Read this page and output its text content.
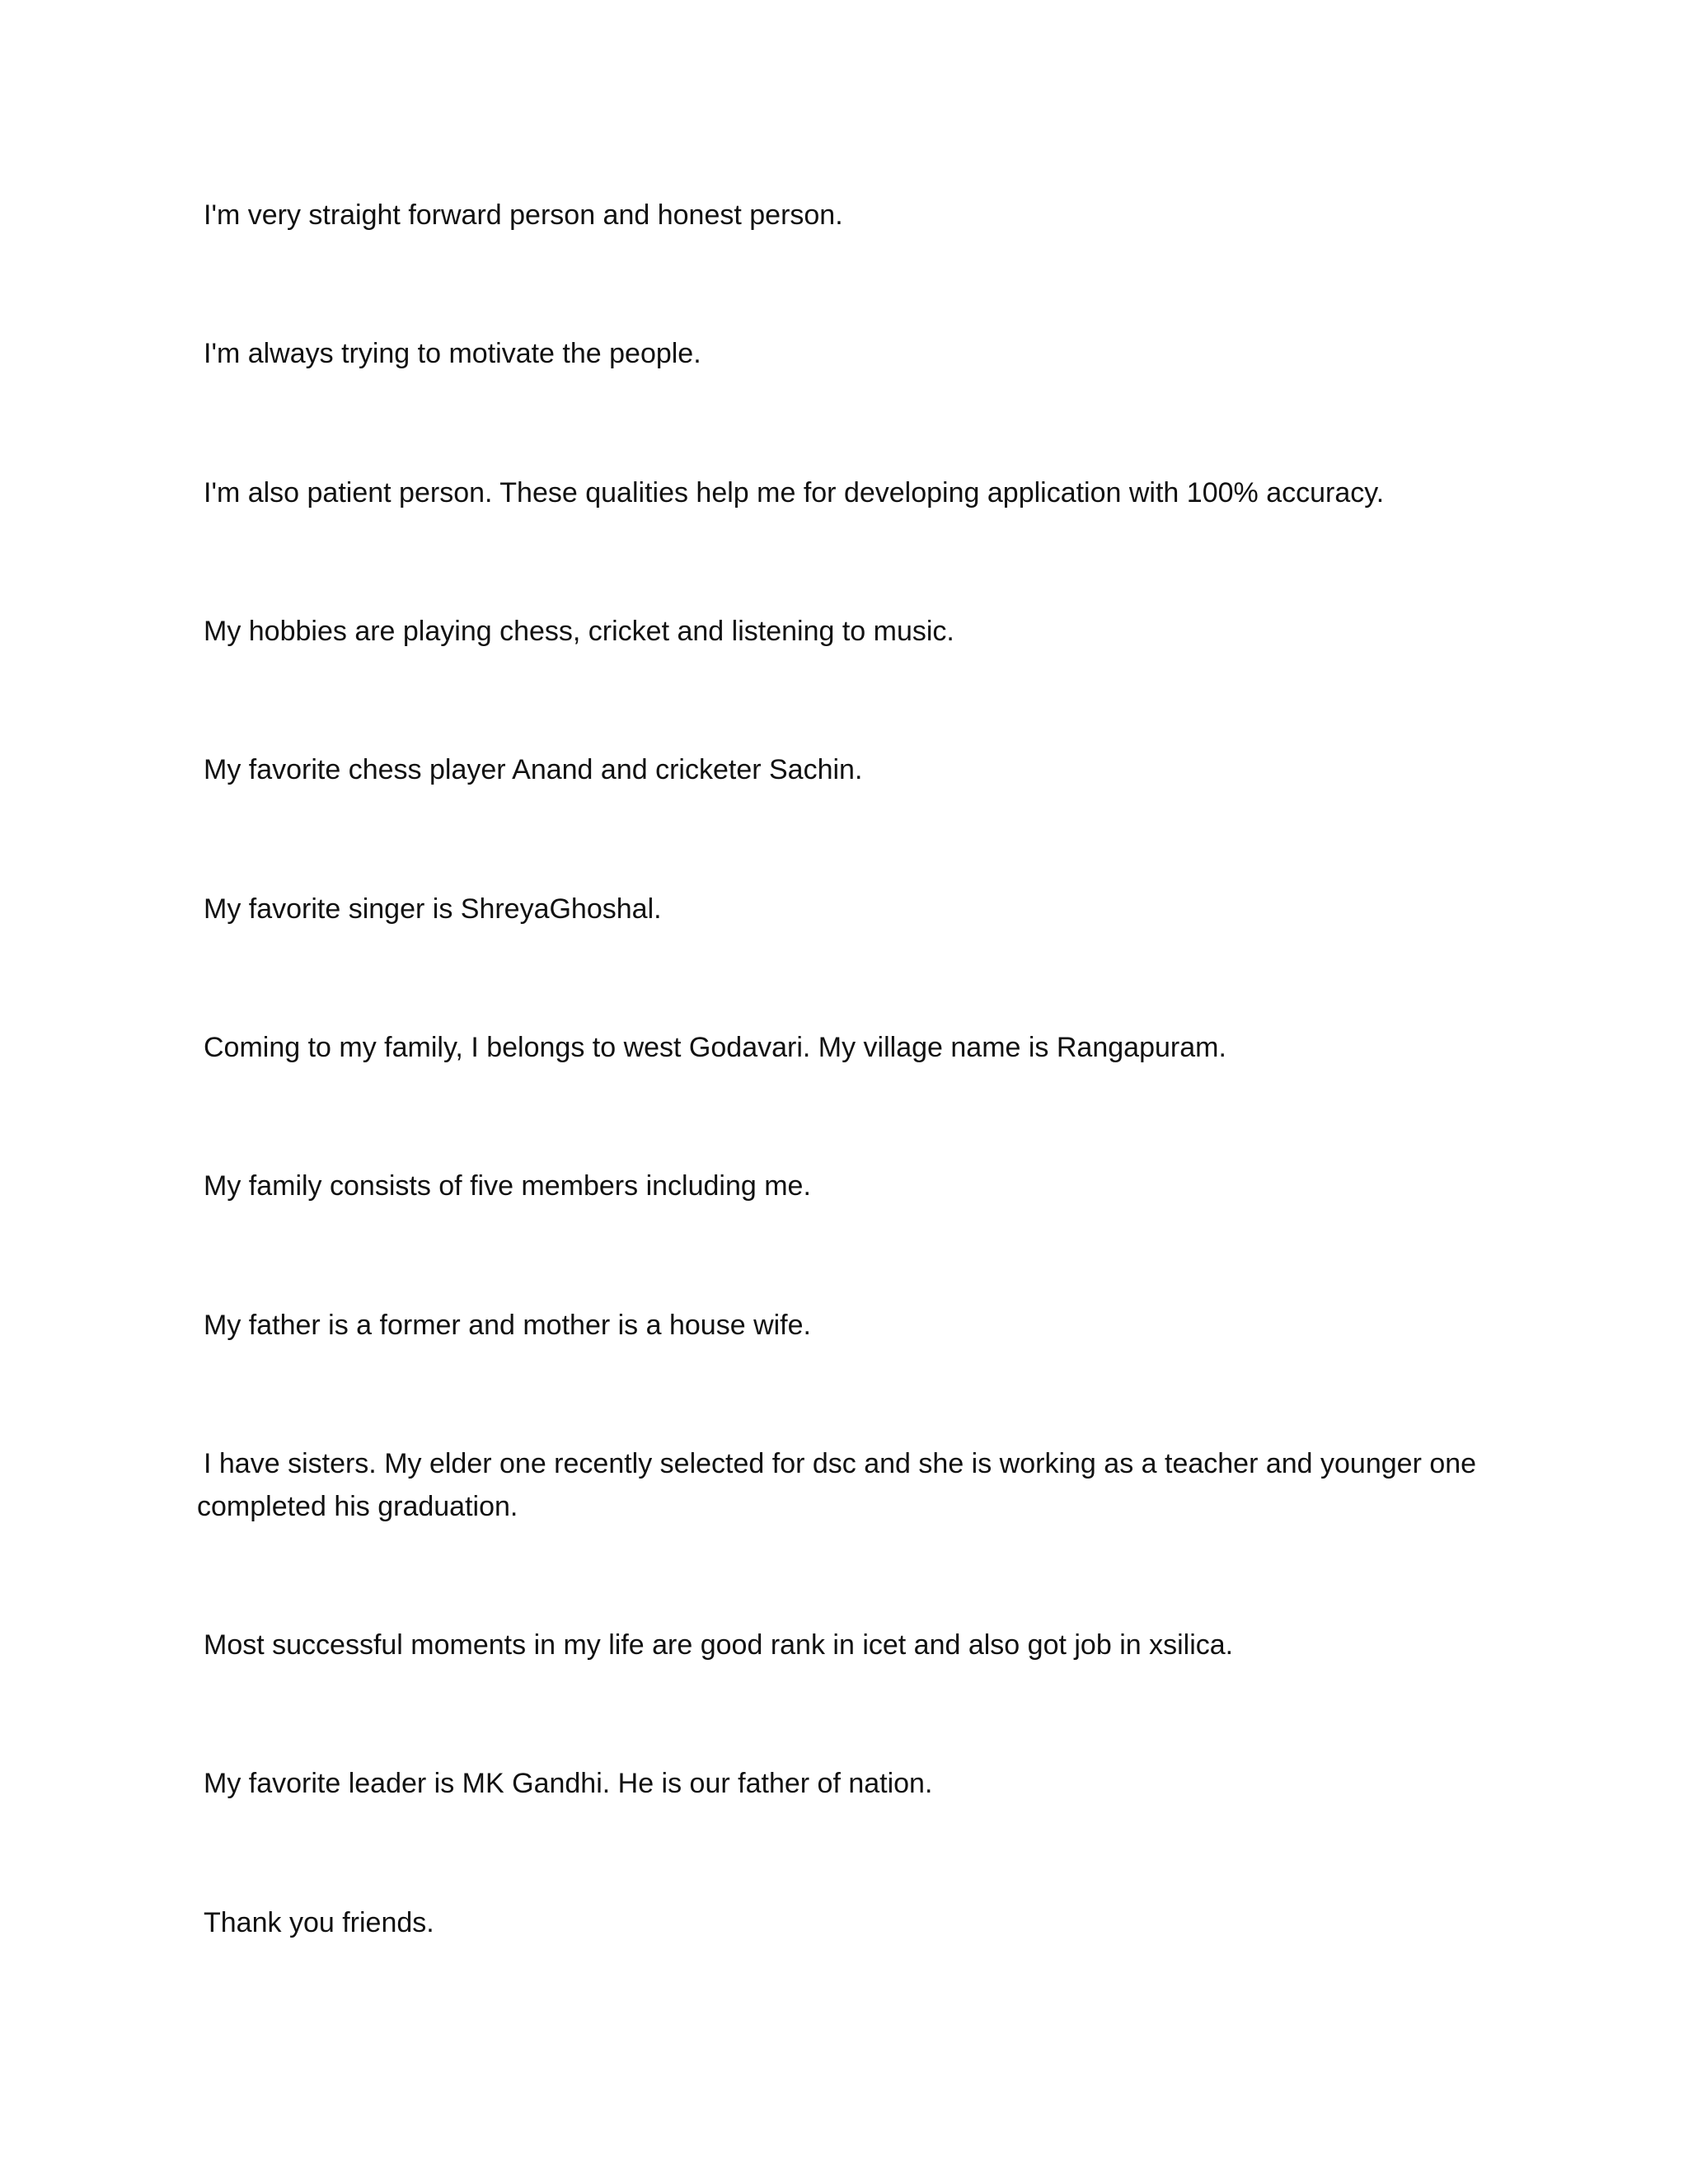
I'm very straight forward person and honest person.

I'm always trying to motivate the people.

I'm also patient person. These qualities help me for developing application with 100% accuracy.

My hobbies are playing chess, cricket and listening to music.

My favorite chess player Anand and cricketer Sachin.

My favorite singer is ShreyaGhoshal.

Coming to my family, I belongs to west Godavari. My village name is Rangapuram.

My family consists of five members including me.

My father is a former and mother is a house wife.

I have sisters. My elder one recently selected for dsc and she is working as a teacher and younger one
completed his graduation.

Most successful moments in my life are good rank in icet and also got job in xsilica.

My favorite leader is MK Gandhi. He is our father of nation.

Thank you friends.
